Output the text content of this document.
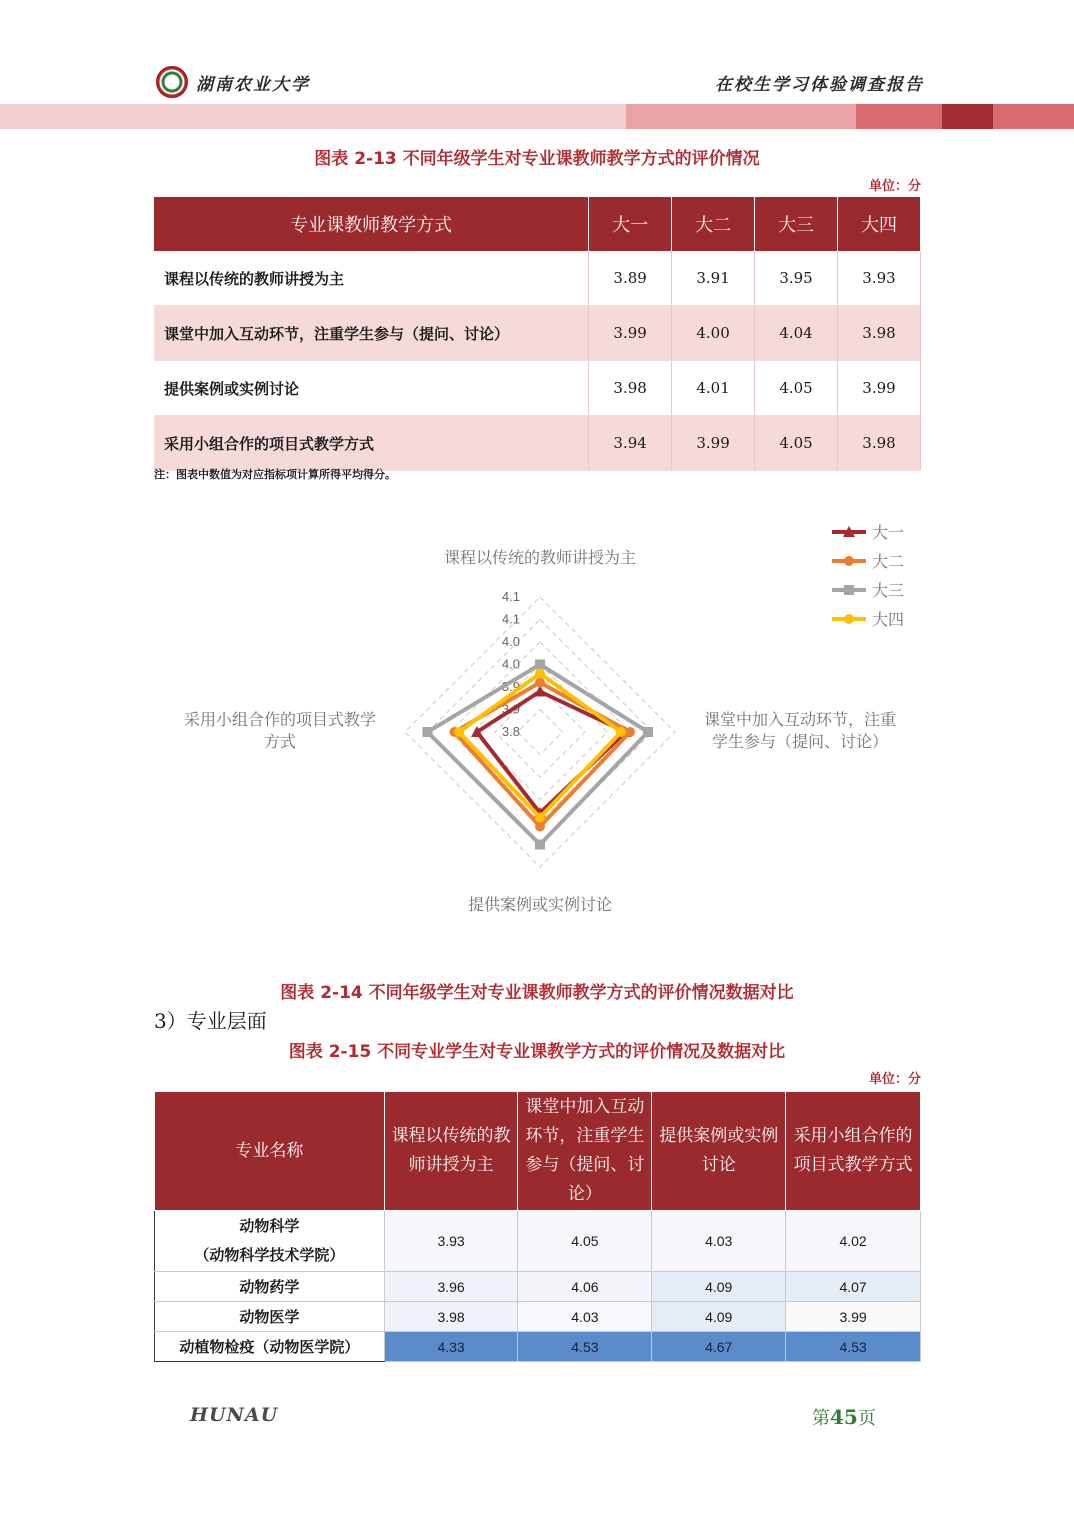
湖南农业大学	在校生学习体验调查报告
图表 2-13 不同年级学生对专业课教师教学方式的评价情况
单位：分
专业课教师教学方式	大一	大二	大三	大四
课程以传统的教师讲授为主	3.89	3.91	3.95	3.93
课堂中加入互动环节，注重学生参与（提问、讨论）	3.99	4.00	4.04	3.98
提供案例或实例讨论	3.98	4.01	4.05	3.99
采用小组合作的项目式教学方式	3.94	3.99	4.05	3.98
注：图表中数值为对应指标项计算所得平均得分。
3.8
3.9
3.9
4.0
4.0
4.1
4.1
课程以传统的教师讲授为主
课堂中加入互动环节，注重
学生参与（提问、讨论）
提供案例或实例讨论
采用小组合作的项目式教学
方式
大一
大二
大三
大四
图表 2-14 不同年级学生对专业课教师教学方式的评价情况数据对比
3）专业层面
图表 2-15 不同专业学生对专业课教学方式的评价情况及数据对比
单位：分
专业名称	课程以传统的教师讲授为主	课堂中加入互动环节，注重学生参与（提问、讨论）	提供案例或实例讨论	采用小组合作的项目式教学方式

动物科学
（动物科学技术学院）	3.93	4.05	4.03	4.02
动物药学	3.96	4.06	4.09	4.07
动物医学	3.98	4.03	4.09	3.99
动植物检疫（动物医学院）	4.33	4.53	4.67	4.53
HUNAU	第45页
